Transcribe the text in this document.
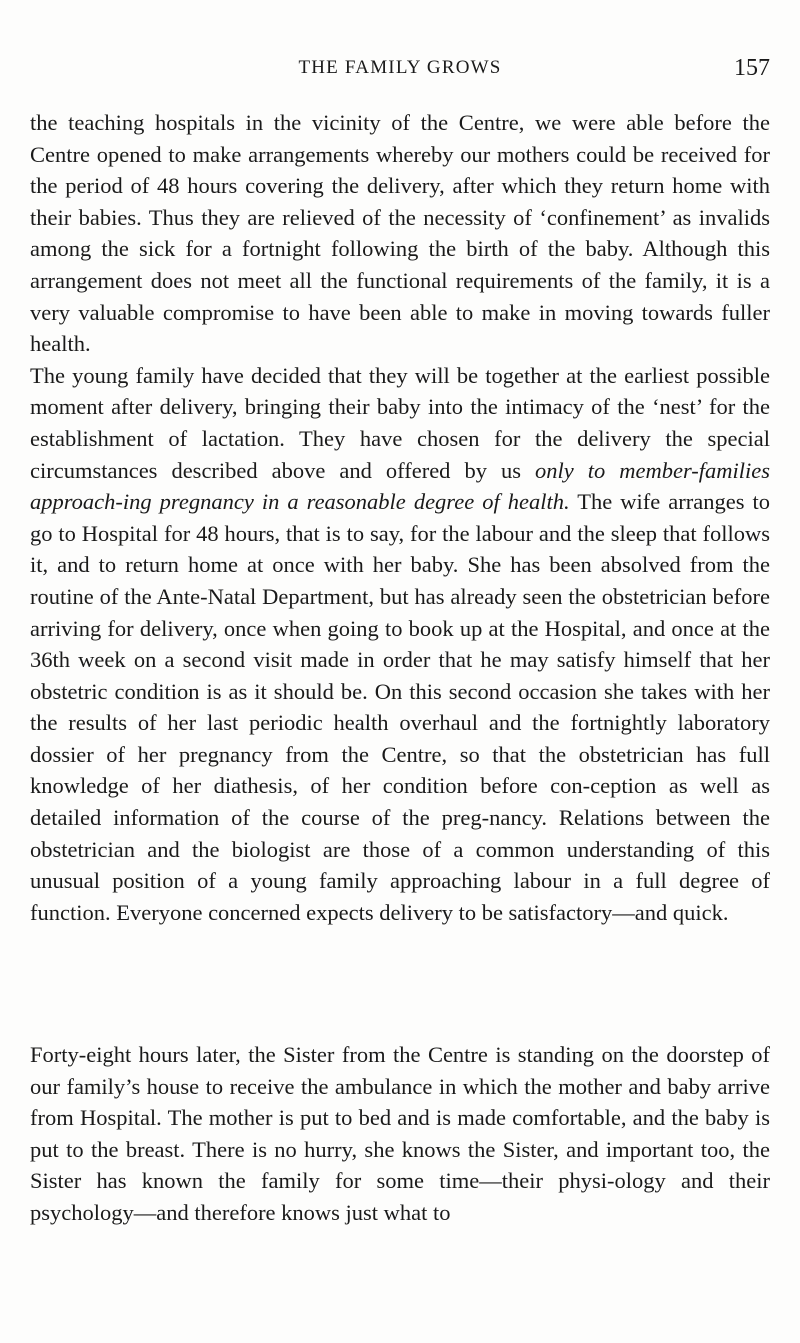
THE FAMILY GROWS	157

the teaching hospitals in the vicinity of the Centre, we were able before the Centre opened to make arrangements whereby our mothers could be received for the period of 48 hours covering the delivery, after which they return home with their babies. Thus they are relieved of the necessity of ‘confinement’ as invalids among the sick for a fortnight following the birth of the baby. Although this arrangement does not meet all the functional requirements of the family, it is a very valuable compromise to have been able to make in moving towards fuller health.

The young family have decided that they will be together at the earliest possible moment after delivery, bringing their baby into the intimacy of the ‘nest’ for the establishment of lactation. They have chosen for the delivery the special circumstances described above and offered by us only to member-families approach-ing pregnancy in a reasonable degree of health. The wife arranges to go to Hospital for 48 hours, that is to say, for the labour and the sleep that follows it, and to return home at once with her baby. She has been absolved from the routine of the Ante-Natal Department, but has already seen the obstetrician before arriving for delivery, once when going to book up at the Hospital, and once at the 36th week on a second visit made in order that he may satisfy himself that her obstetric condition is as it should be. On this second occasion she takes with her the results of her last periodic health overhaul and the fortnightly laboratory dossier of her pregnancy from the Centre, so that the obstetrician has full knowledge of her diathesis, of her condition before con-ception as well as detailed information of the course of the preg-nancy. Relations between the obstetrician and the biologist are those of a common understanding of this unusual position of a young family approaching labour in a full degree of function. Everyone concerned expects delivery to be satisfactory—and quick.

Forty-eight hours later, the Sister from the Centre is standing on the doorstep of our family’s house to receive the ambulance in which the mother and baby arrive from Hospital. The mother is put to bed and is made comfortable, and the baby is put to the breast. There is no hurry, she knows the Sister, and important too, the Sister has known the family for some time—their physi-ology and their psychology—and therefore knows just what to
